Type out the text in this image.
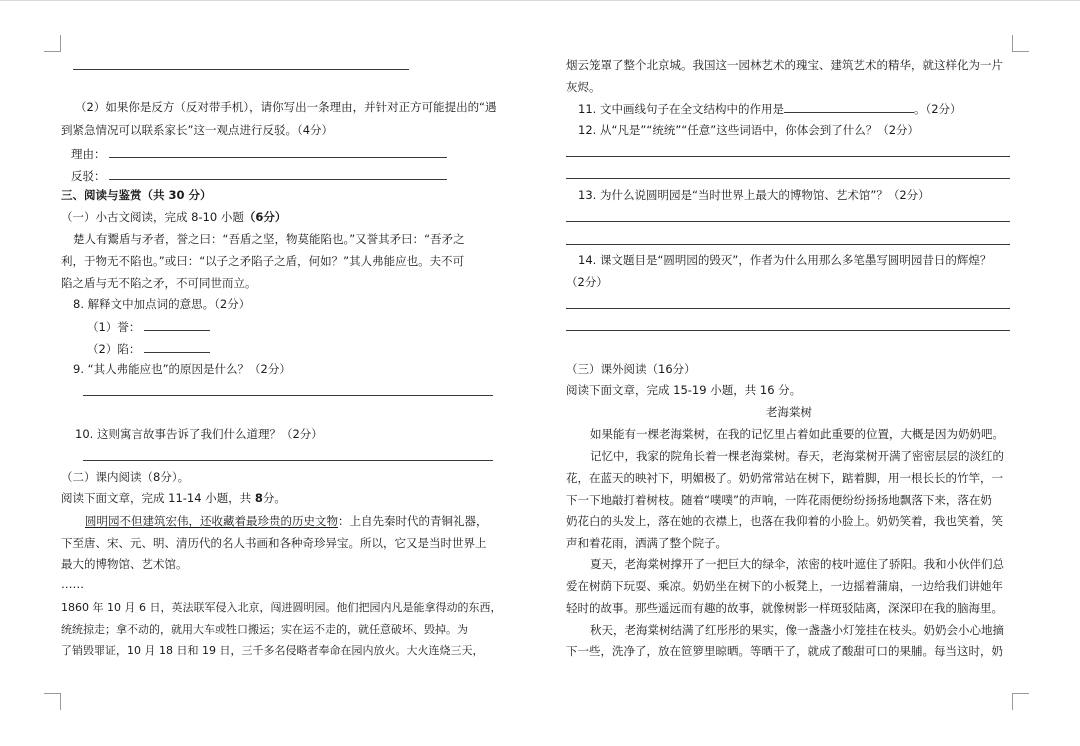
（2）如果你是反方（反对带手机），请你写出一条理由，并针对正方可能提出的“遇
到紧急情况可以联系家长”这一观点进行反驳。（4分）
理由：
反驳：
三、阅读与鉴赏（共 30 分）
（一）小古文阅读，完成 8-10 小题（6分）
楚人有鬻盾与矛者，誉之曰：“吾盾之坚，物莫能陷也。”又誉其矛曰：“吾矛之
利，于物无不陷也。”或曰：“以子之矛陷子之盾，何如？”其人弗能应也。夫不可
陷之盾与无不陷之矛，不可同世而立。
8. 解释文中加点词的意思。（2分）
（1）誉：
（2）陷：
9. “其人弗能应也”的原因是什么？（2分）
10. 这则寓言故事告诉了我们什么道理？（2分）
（二）课内阅读（8分）。
阅读下面文章，完成 11-14 小题，共 8分。
圆明园不但建筑宏伟，还收藏着最珍贵的历史文物：上自先秦时代的青铜礼器，
下至唐、宋、元、明、清历代的名人书画和各种奇珍异宝。所以，它又是当时世界上
最大的博物馆、艺术馆。
……
1860 年 10 月 6 日，英法联军侵入北京，闯进圆明园。他们把园内凡是能拿得动的东西，
统统掠走；拿不动的，就用大车或牲口搬运；实在运不走的，就任意破坏、毁掉。为
了销毁罪证，10 月 18 日和 19 日，三千多名侵略者奉命在园内放火。大火连烧三天，
烟云笼罩了整个北京城。我国这一园林艺术的瑰宝、建筑艺术的精华，就这样化为一片
灰烬。
11. 文中画线句子在全文结构中的作用是	。（2分）
12. 从“凡是”“统统”“任意”这些词语中，你体会到了什么？（2分）
13. 为什么说圆明园是“当时世界上最大的博物馆、艺术馆”？（2分）
14. 课文题目是“圆明园的毁灭”，作者为什么用那么多笔墨写圆明园昔日的辉煌？
（2分）
（三）课外阅读（16分）
阅读下面文章，完成 15-19 小题，共 16 分。
老海棠树
如果能有一棵老海棠树，在我的记忆里占着如此重要的位置，大概是因为奶奶吧。
记忆中，我家的院角长着一棵老海棠树。春天，老海棠树开满了密密层层的淡红的
花，在蓝天的映衬下，明媚极了。奶奶常常站在树下，踮着脚，用一根长长的竹竿，一
下一下地敲打着树枝。随着“噗噗”的声响，一阵花雨便纷纷扬扬地飘落下来，落在奶
奶花白的头发上，落在她的衣襟上，也落在我仰着的小脸上。奶奶笑着，我也笑着，笑
声和着花雨，洒满了整个院子。
夏天，老海棠树撑开了一把巨大的绿伞，浓密的枝叶遮住了骄阳。我和小伙伴们总
爱在树荫下玩耍、乘凉。奶奶坐在树下的小板凳上，一边摇着蒲扇，一边给我们讲她年
轻时的故事。那些遥远而有趣的故事，就像树影一样斑驳陆离，深深印在我的脑海里。
秋天，老海棠树结满了红彤彤的果实，像一盏盏小灯笼挂在枝头。奶奶会小心地摘
下一些，洗净了，放在笸箩里晾晒。等晒干了，就成了酸甜可口的果脯。每当这时，奶
